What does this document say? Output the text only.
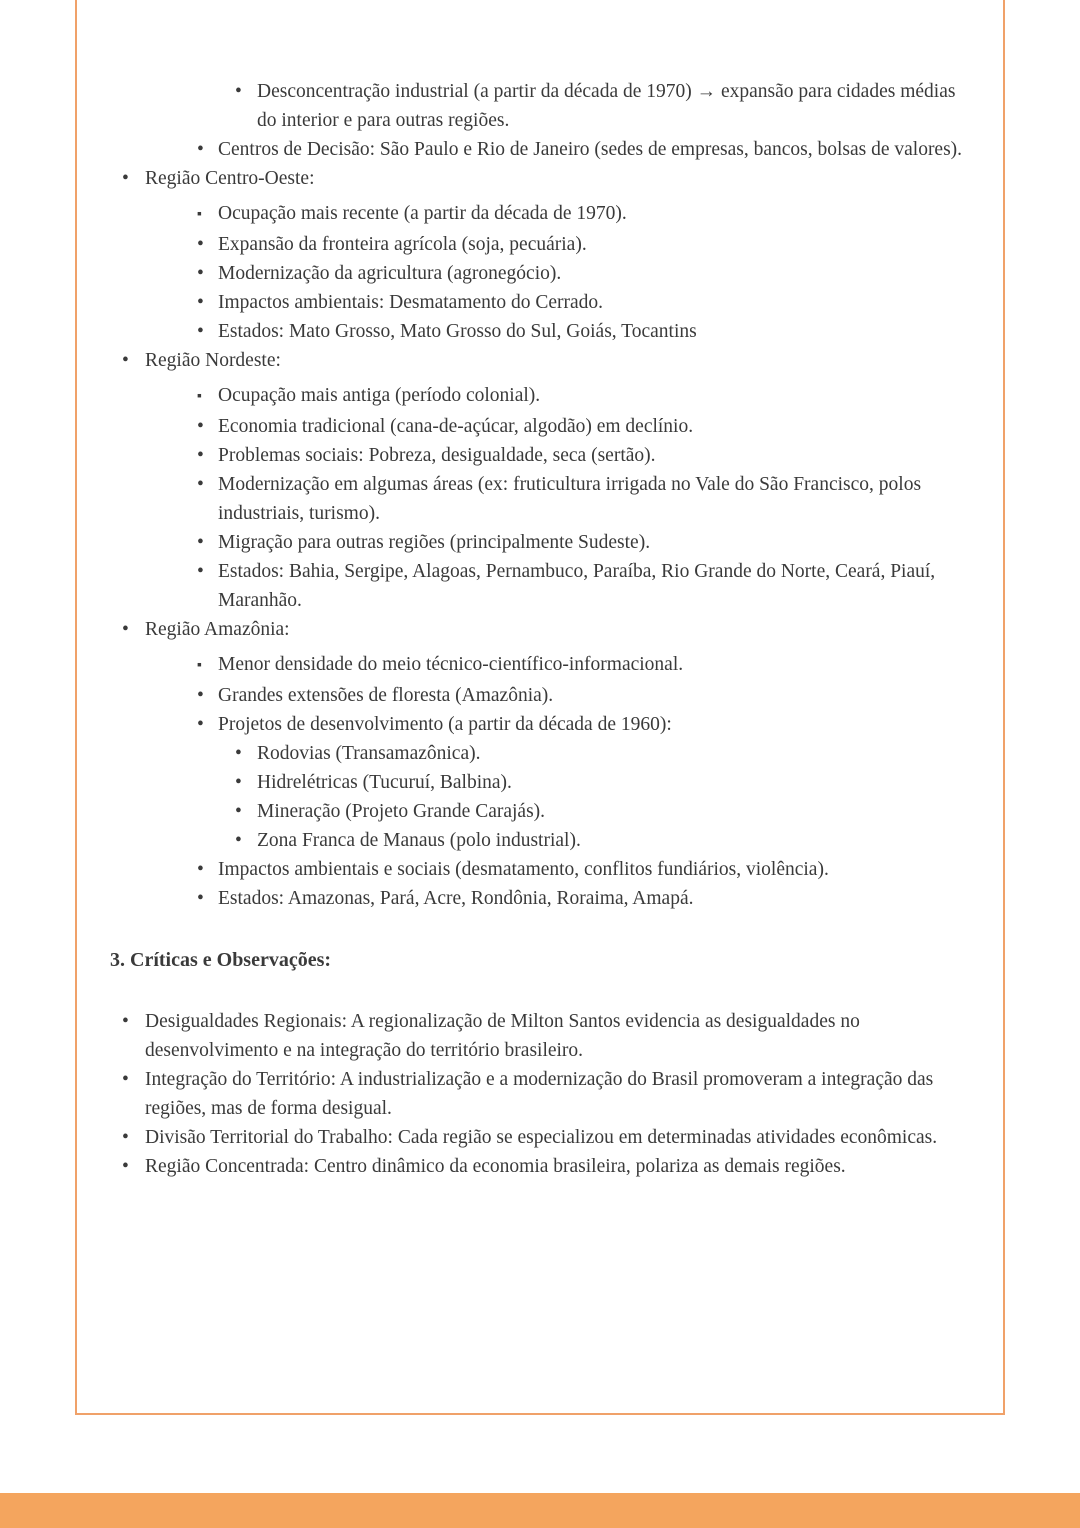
•
Desconcentração industrial (a partir da década de 1970) → expansão para cidades médias do interior e para outras regiões.
•
Centros de Decisão: São Paulo e Rio de Janeiro (sedes de empresas, bancos, bolsas de valores).
•
Região Centro-Oeste:
▪
Ocupação mais recente (a partir da década de 1970).
•
Expansão da fronteira agrícola (soja, pecuária).
•
Modernização da agricultura (agronegócio).
•
Impactos ambientais: Desmatamento do Cerrado.
•
Estados: Mato Grosso, Mato Grosso do Sul, Goiás, Tocantins
•
Região Nordeste:
▪
Ocupação mais antiga (período colonial).
•
Economia tradicional (cana-de-açúcar, algodão) em declínio.
•
Problemas sociais: Pobreza, desigualdade, seca (sertão).
•
Modernização em algumas áreas (ex: fruticultura irrigada no Vale do São Francisco, polos industriais, turismo).
•
Migração para outras regiões (principalmente Sudeste).
•
Estados: Bahia, Sergipe, Alagoas, Pernambuco, Paraíba, Rio Grande do Norte, Ceará, Piauí, Maranhão.
•
Região Amazônia:
▪
Menor densidade do meio técnico-científico-informacional.
•
Grandes extensões de floresta (Amazônia).
•
Projetos de desenvolvimento (a partir da década de 1960):
•
Rodovias (Transamazônica).
•
Hidrelétricas (Tucuruí, Balbina).
•
Mineração (Projeto Grande Carajás).
•
Zona Franca de Manaus (polo industrial).
•
Impactos ambientais e sociais (desmatamento, conflitos fundiários, violência).
•
Estados: Amazonas, Pará, Acre, Rondônia, Roraima, Amapá.
3. Críticas e Observações:
•
Desigualdades Regionais: A regionalização de Milton Santos evidencia as desigualdades no desenvolvimento e na integração do território brasileiro.
•
Integração do Território: A industrialização e a modernização do Brasil promoveram a integração das regiões, mas de forma desigual.
•
Divisão Territorial do Trabalho: Cada região se especializou em determinadas atividades econômicas.
•
Região Concentrada: Centro dinâmico da economia brasileira, polariza as demais regiões.
